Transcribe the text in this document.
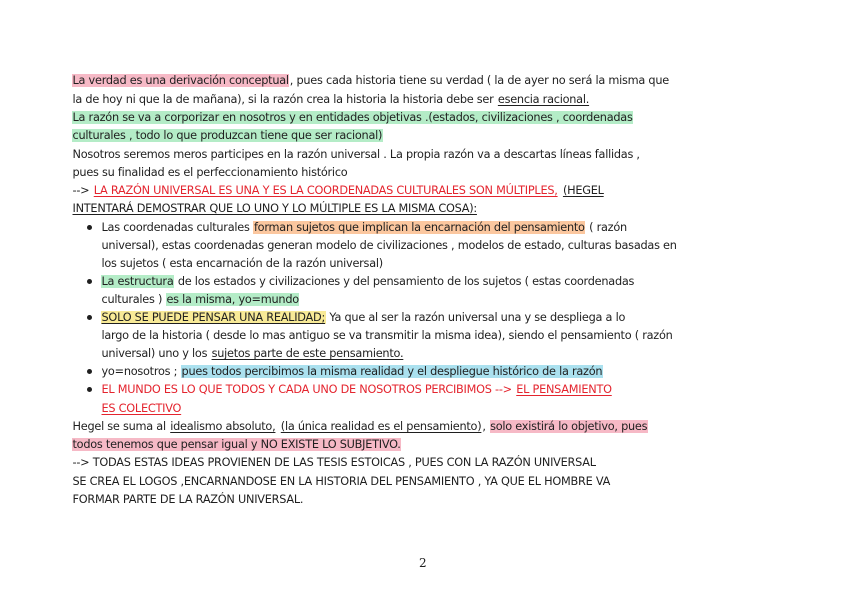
La verdad es una derivación conceptual, pues cada historia tiene su verdad ( la de ayer no será la misma que
la de hoy ni que la de mañana), si la razón crea la historia la historia debe ser esencia racional.
La razón se va a corporizar en nosotros y en entidades objetivas .(estados, civilizaciones , coordenadas
culturales , todo lo que produzcan tiene que ser racional)
Nosotros seremos meros participes en la razón universal . La propia razón va a descartas líneas fallidas ,
pues su finalidad es el perfeccionamiento histórico
--> LA RAZÓN UNIVERSAL ES UNA Y ES LA COORDENADAS CULTURALES SON MÚLTIPLES, (HEGEL
INTENTARÁ DEMOSTRAR QUE LO UNO Y LO MÚLTIPLE ES LA MISMA COSA):
Las coordenadas culturales forman sujetos que implican la encarnación del pensamiento ( razón
universal), estas coordenadas generan modelo de civilizaciones , modelos de estado, culturas basadas en
los sujetos ( esta encarnación de la razón universal)
La estructura de los estados y civilizaciones y del pensamiento de los sujetos ( estas coordenadas
culturales ) es la misma, yo=mundo
SOLO SE PUEDE PENSAR UNA REALIDAD; Ya que al ser la razón universal una y se despliega a lo
largo de la historia ( desde lo mas antiguo se va transmitir la misma idea), siendo el pensamiento ( razón
universal) uno y los sujetos parte de este pensamiento.
yo=nosotros ; pues todos percibimos la misma realidad y el despliegue histórico de la razón
EL MUNDO ES LO QUE TODOS Y CADA UNO DE NOSOTROS PERCIBIMOS --> EL PENSAMIENTO
ES COLECTIVO
Hegel se suma al idealismo absoluto, (la única realidad es el pensamiento), solo existirá lo objetivo, pues
todos tenemos que pensar igual y NO EXISTE LO SUBJETIVO.
--> TODAS ESTAS IDEAS PROVIENEN DE LAS TESIS ESTOICAS , PUES CON LA RAZÓN UNIVERSAL
SE CREA EL LOGOS ,ENCARNANDOSE EN LA HISTORIA DEL PENSAMIENTO , YA QUE EL HOMBRE VA
FORMAR PARTE DE LA RAZÓN UNIVERSAL.
2
